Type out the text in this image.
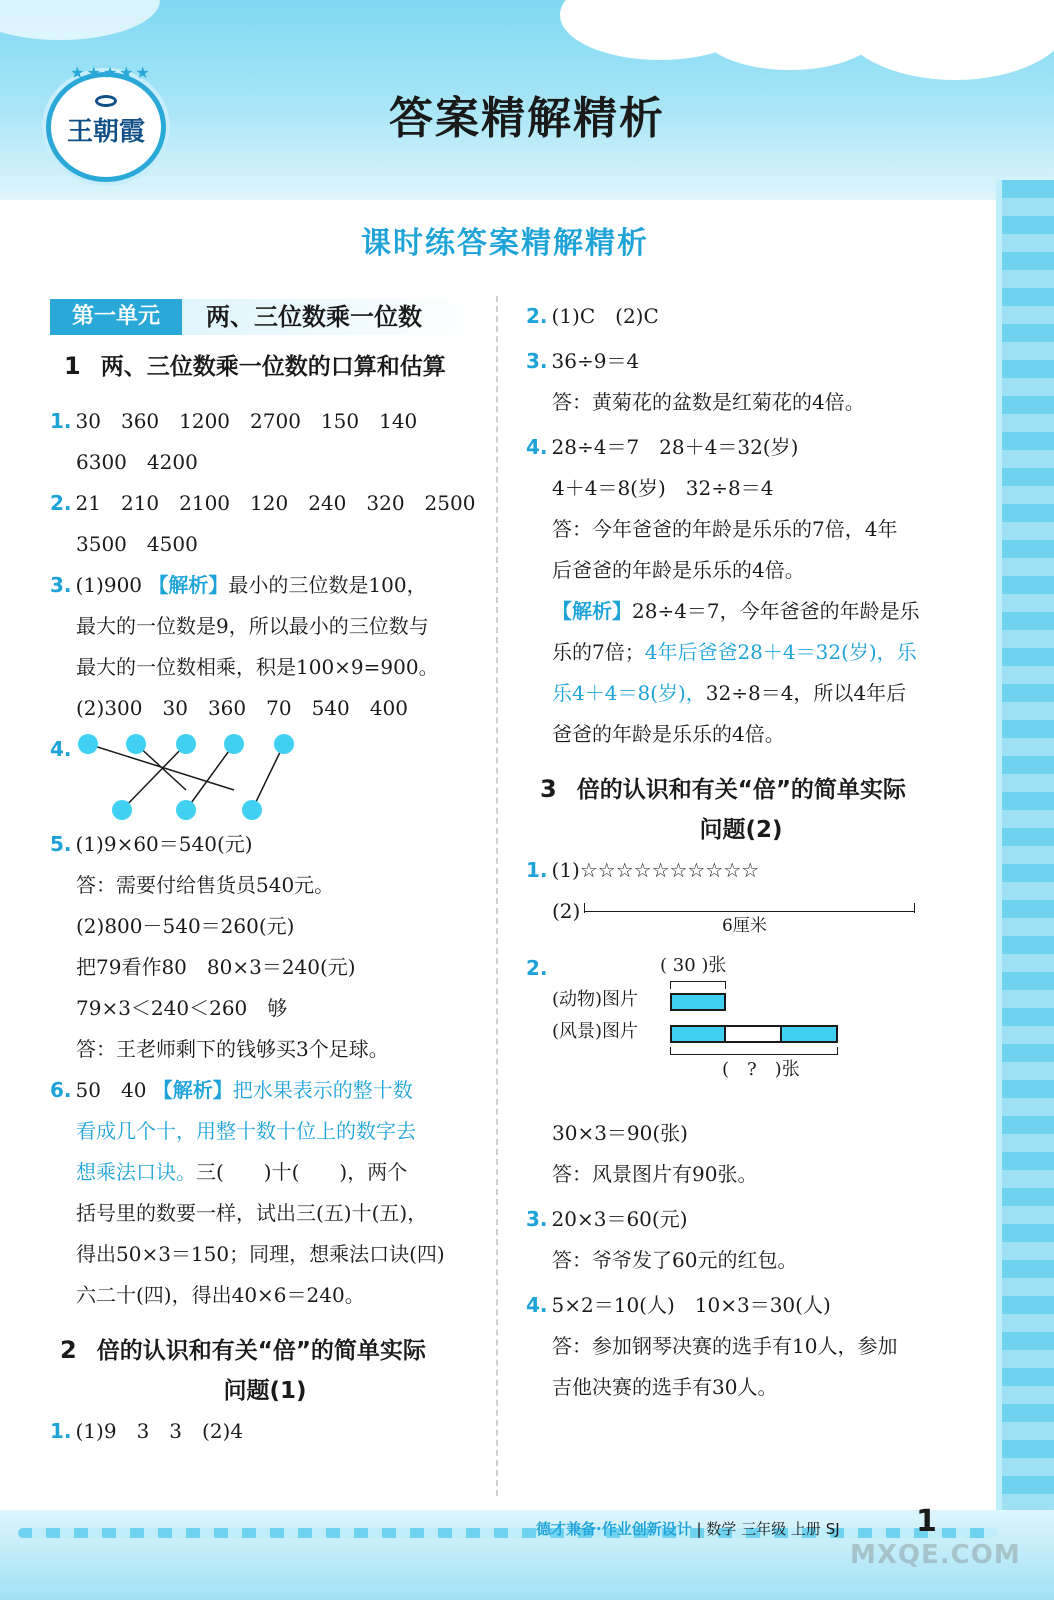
★★★★★
王朝霞	答案精解精析
课时练答案精解精析
第一单元	两、三位数乘一位数
1 两、三位数乘一位数的口算和估算
1. 30　360　1200　2700　150　140
6300　4200
2. 21　210　2100　120　240　320　2500
3500　4500
3. (1)900 【解析】最小的三位数是100，
最大的一位数是9，所以最小的三位数与
最大的一位数相乘，积是100×9=900。
(2)300　30　360　70　540　400
4.
5. (1)9×60＝540(元)
答：需要付给售货员540元。
(2)800－540＝260(元)
把79看作80　80×3＝240(元)
79×3＜240＜260　够
答：王老师剩下的钱够买3个足球。
6. 50　40 【解析】把水果表示的整十数
看成几个十，用整十数十位上的数字去
想乘法口诀。三(　　)十(　　)，两个
括号里的数要一样，试出三(五)十(五)，
得出50×3＝150；同理，想乘法口诀(四)
六二十(四)，得出40×6＝240。
2 倍的认识和有关“倍”的简单实际
问题(1)
1. (1)9　3　3　(2)4
2. (1)C　(2)C
3. 36÷9＝4
答：黄菊花的盆数是红菊花的4倍。
4. 28÷4＝7　28＋4＝32(岁)
4＋4＝8(岁)　32÷8＝4
答：今年爸爸的年龄是乐乐的7倍，4年
后爸爸的年龄是乐乐的4倍。
【解析】28÷4＝7，今年爸爸的年龄是乐
乐的7倍；4年后爸爸28＋4＝32(岁)，乐
乐4＋4＝8(岁)，32÷8＝4，所以4年后
爸爸的年龄是乐乐的4倍。
3 倍的认识和有关“倍”的简单实际
问题(2)
1. (1)☆☆☆☆☆☆☆☆☆☆
(2)
6厘米
2.	( 30 )张
(动物)图片
(风景)图片
(　?　)张
30×3＝90(张)
答：风景图片有90张。
3. 20×3＝60(元)
答：爷爷发了60元的红包。
4. 5×2＝10(人)　10×3＝30(人)
答：参加钢琴决赛的选手有10人，参加
吉他决赛的选手有30人。
德才兼备·作业创新设计 | 数学 三年级 上册 SJ	1
MXQE.COM
